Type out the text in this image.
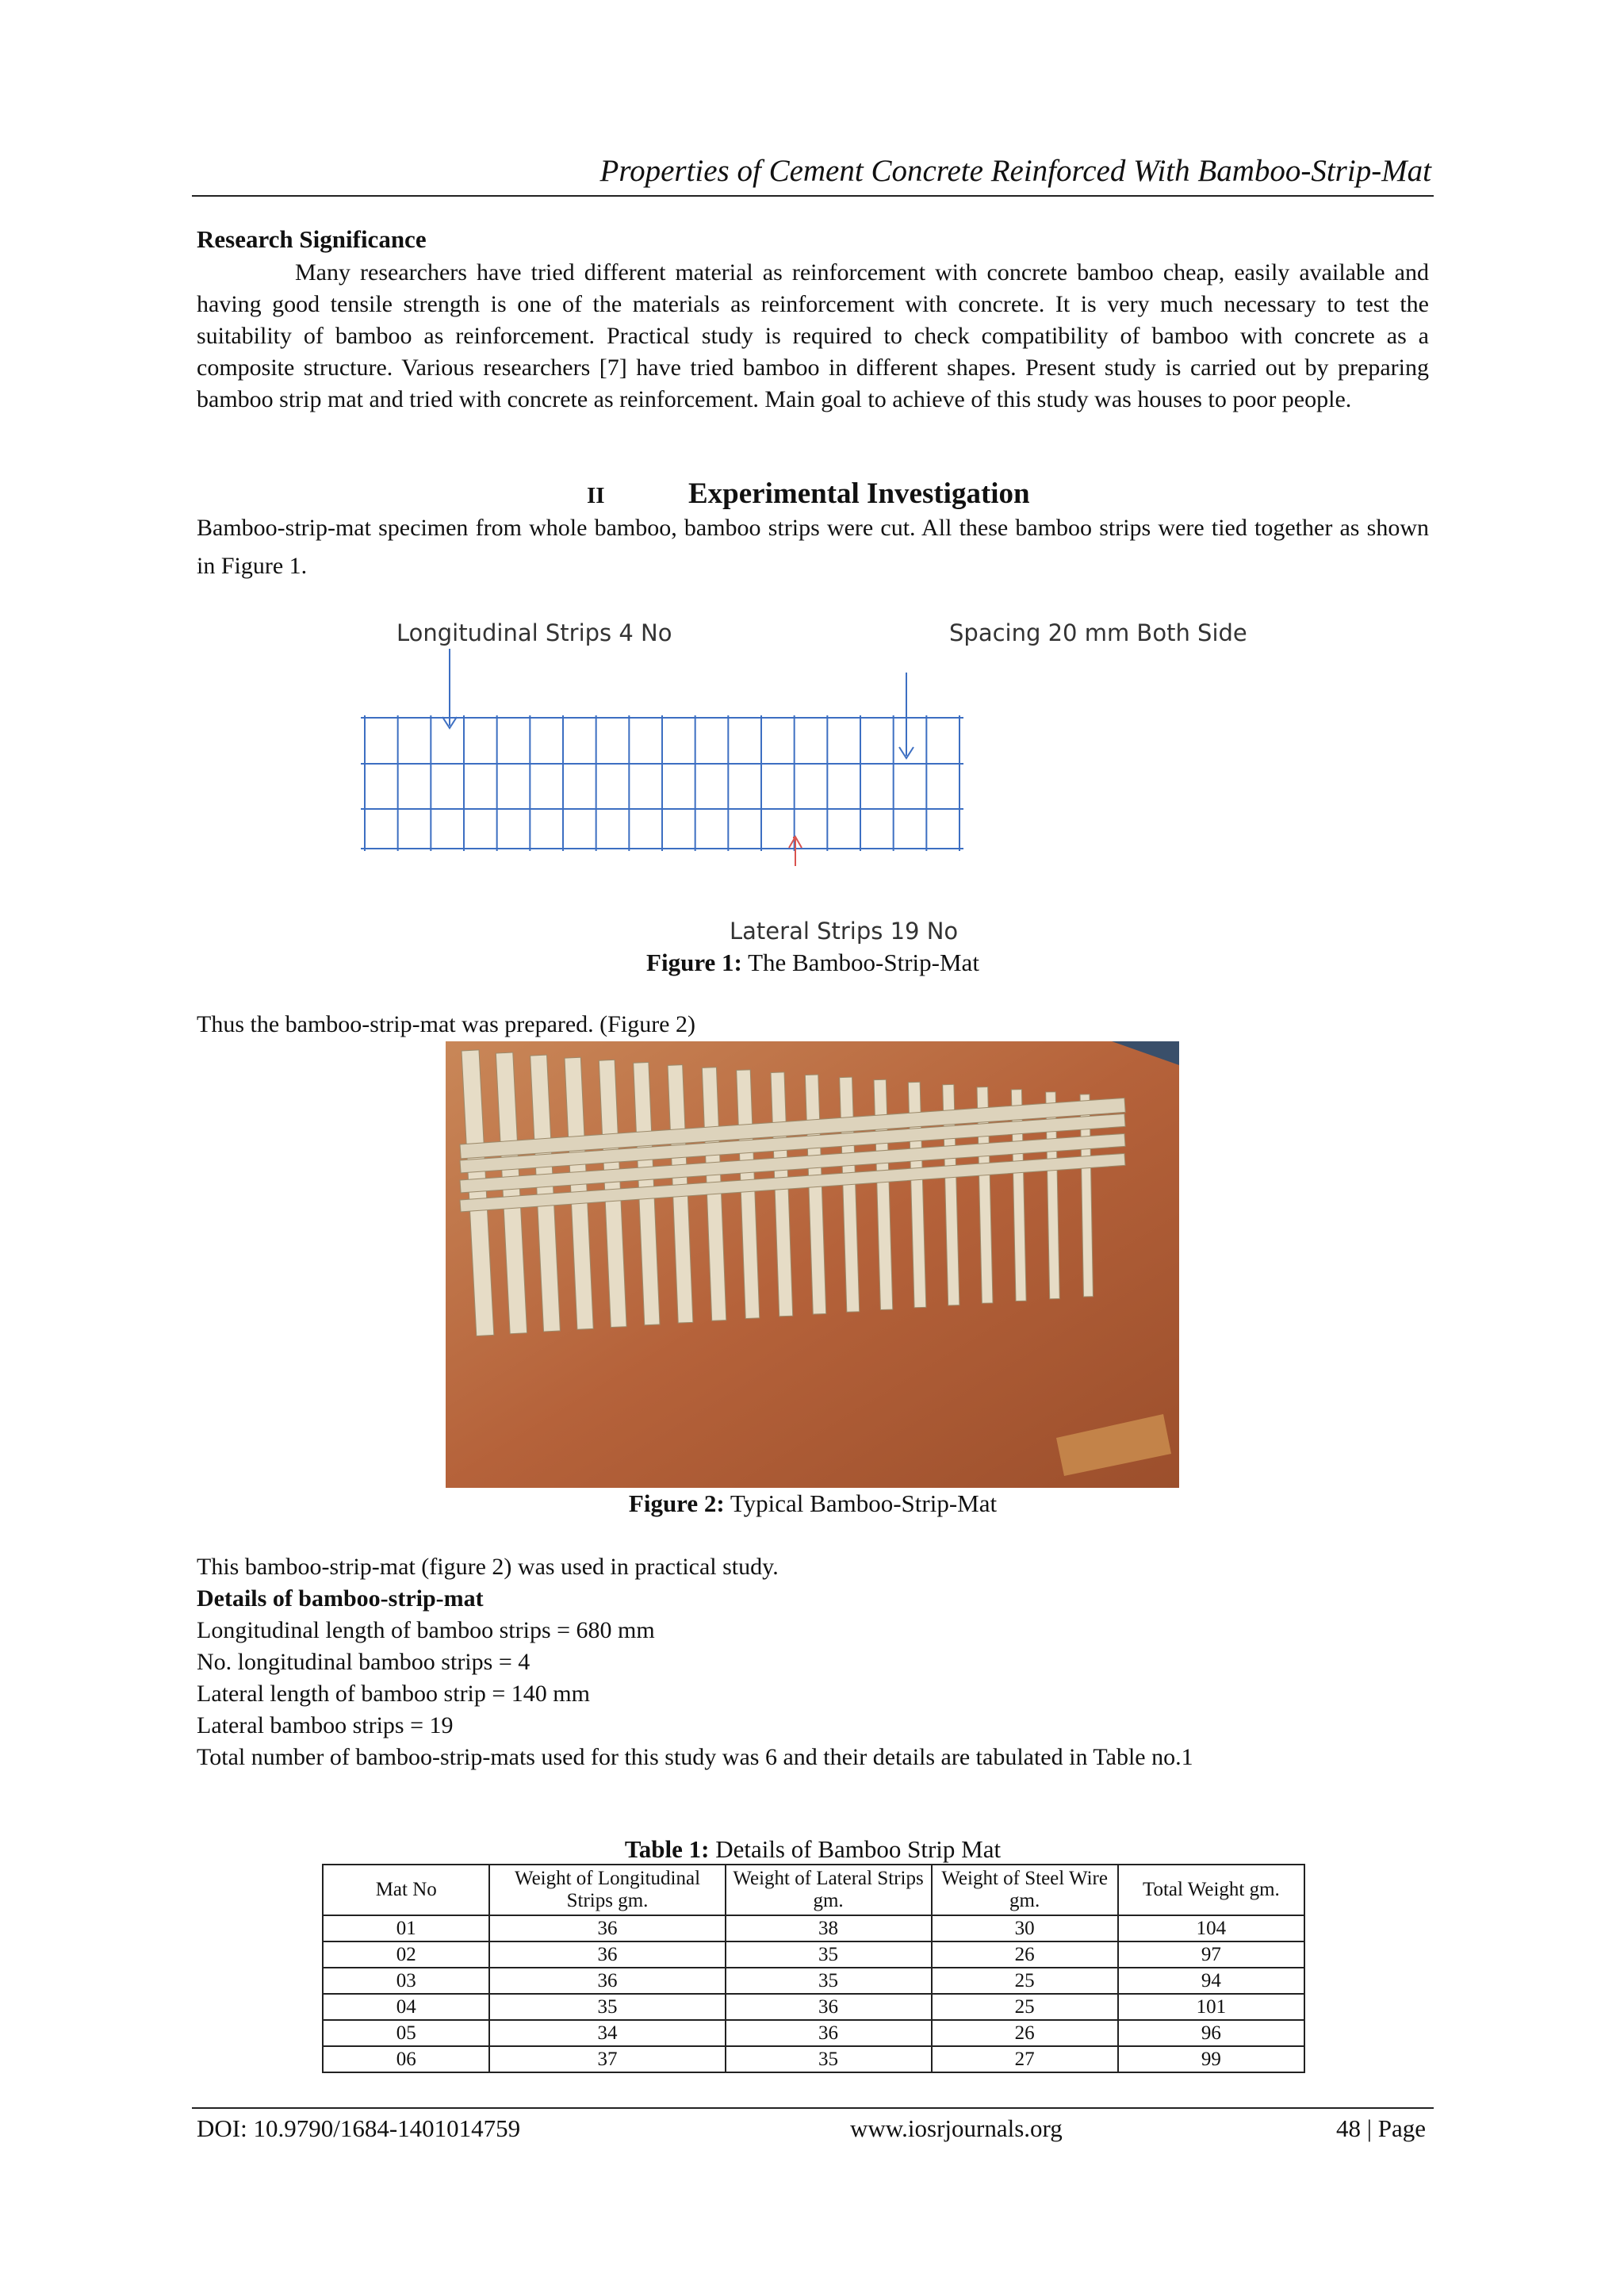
Properties of Cement Concrete Reinforced With Bamboo-Strip-Mat
Research Significance
Many researchers have tried different material as reinforcement with concrete bamboo cheap, easily available and having good tensile strength is one of the materials as reinforcement with concrete. It is very much necessary to test the suitability of bamboo as reinforcement. Practical study is required to check compatibility of bamboo with concrete as a composite structure. Various researchers [7] have tried bamboo in different shapes. Present study is carried out by preparing bamboo strip mat and tried with concrete as reinforcement. Main goal to achieve of this study was houses to poor people.
II	Experimental Investigation
Bamboo-strip-mat specimen from whole bamboo, bamboo strips were cut. All these bamboo strips were tied together as shown in Figure 1.
Longitudinal Strips 4 No	Spacing 20 mm Both Side
Lateral Strips 19 No
Figure 1: The Bamboo-Strip-Mat
Thus the bamboo-strip-mat was prepared. (Figure 2)
Figure 2: Typical Bamboo-Strip-Mat
This bamboo-strip-mat (figure 2) was used in practical study.
Details of bamboo-strip-mat
Longitudinal length of bamboo strips = 680 mm
No. longitudinal bamboo strips = 4
Lateral length of bamboo strip = 140 mm
Lateral bamboo strips = 19
Total number of bamboo-strip-mats used for this study was 6 and their details are tabulated in Table no.1
Table 1: Details of Bamboo Strip Mat
Mat No	Weight of Longitudinal Strips gm.	Weight of Lateral Strips gm.	Weight of Steel Wire gm.	Total Weight gm.
01	36	38	30	104
02	36	35	26	97
03	36	35	25	94
04	35	36	25	101
05	34	36	26	96
06	37	35	27	99
DOI: 10.9790/1684-1401014759	www.iosrjournals.org	48 | Page
